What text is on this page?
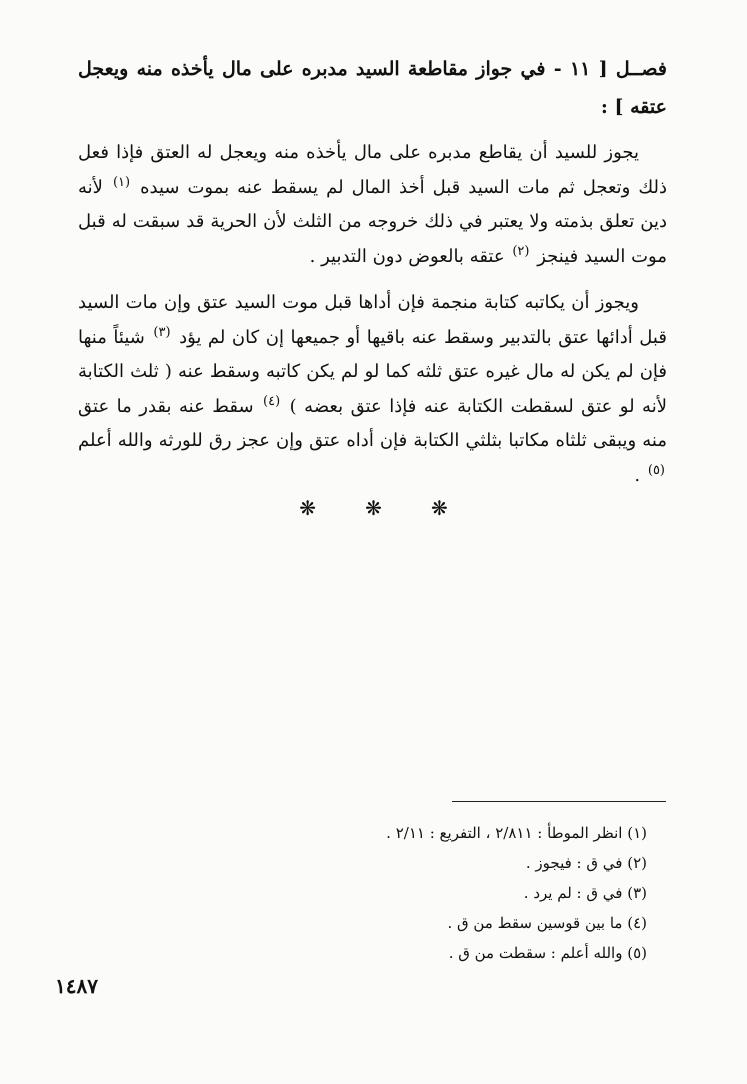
فصــل [ ١١ - في جواز مقاطعة السيد مدبره على مال يأخذه منه ويعجل عتقه ] :

يجوز للسيد أن يقاطع مدبره على مال يأخذه منه ويعجل له العتق فإذا فعل ذلك وتعجل ثم مات السيد قبل أخذ المال لم يسقط عنه بموت سيده $^{(١)}$ لأنه دين تعلق بذمته ولا يعتبر في ذلك خروجه من الثلث لأن الحرية قد سبقت له قبل موت السيد فينجز $^{(٢)}$ عتقه بالعوض دون التدبير .

ويجوز أن يكاتبه كتابة منجمة فإن أداها قبل موت السيد عتق وإن مات السيد قبل أدائها عتق بالتدبير وسقط عنه باقيها أو جميعها إن كان لم يؤد $^{(٣)}$ شيئاً منها فإن لم يكن له مال غيره عتق ثلثه كما لو لم يكن كاتبه وسقط عنه ( ثلث الكتابة لأنه لو عتق لسقطت الكتابة عنه فإذا عتق بعضه ) $^{(٤)}$ سقط عنه بقدر ما عتق منه ويبقى ثلثاه مكاتبا بثلثي الكتابة فإن أداه عتق وإن عجز رق للورثه والله أعلم $^{(٥)}$ .

❋ ❋ ❋
(١) انظر الموطأ : ٢/٨١١ ، التفريع : ٢/١١ .
(٢) في ق : فيجوز .
(٣) في ق : لم يرد .
(٤) ما بين قوسين سقط من ق .
(٥) والله أعلم : سقطت من ق .
١٤٨٧
